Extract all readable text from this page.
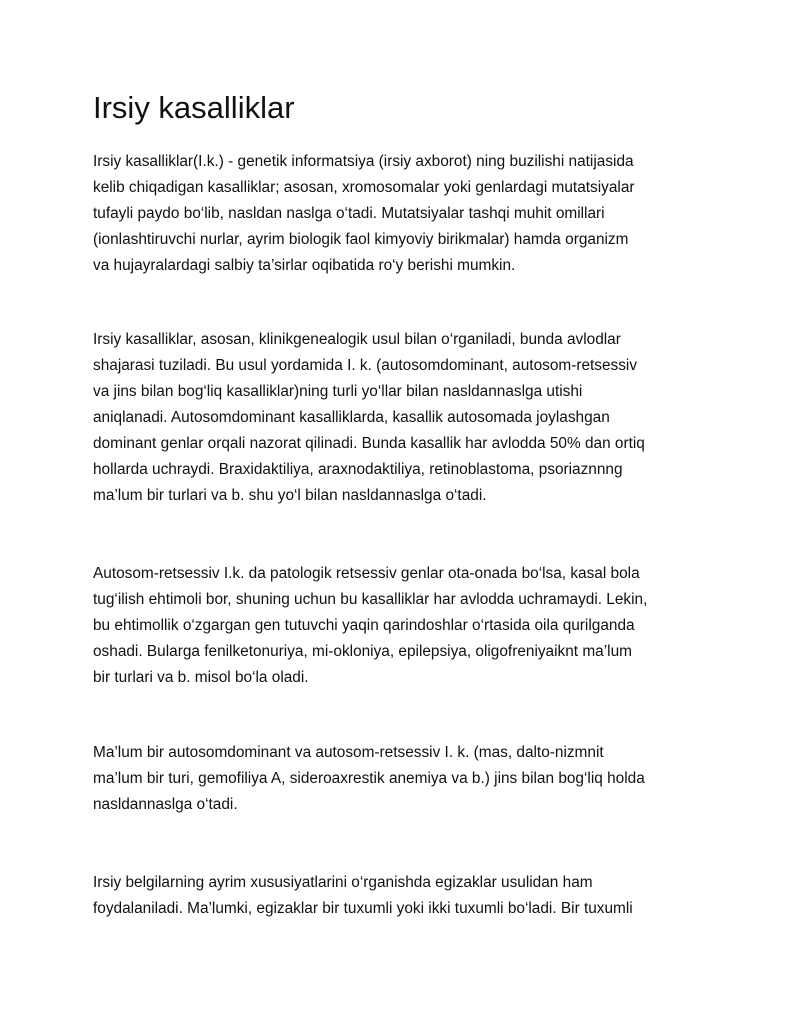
Irsiy kasalliklar

Irsiy kasalliklar(I.k.) - genetik informatsiya (irsiy axborot) ning buzilishi natijasida
kelib chiqadigan kasalliklar; asosan, xromosomalar yoki genlardagi mutatsiyalar
tufayli paydo bo‘lib, nasldan naslga o‘tadi. Mutatsiyalar tashqi muhit omillari
(ionlashtiruvchi nurlar, ayrim biologik faol kimyoviy birikmalar) hamda organizm
va hujayralardagi salbiy ta’sirlar oqibatida ro‘y berishi mumkin.

Irsiy kasalliklar, asosan, klinikgenealogik usul bilan o‘rganiladi, bunda avlodlar
shajarasi tuziladi. Bu usul yordamida I. k. (autosomdominant, autosom-retsessiv
va jins bilan bog‘liq kasalliklar)ning turli yo‘llar bilan nasldannaslga utishi
aniqlanadi. Autosomdominant kasalliklarda, kasallik autosomada joylashgan
dominant genlar orqali nazorat qilinadi. Bunda kasallik har avlodda 50% dan ortiq
hollarda uchraydi. Braxidaktiliya, araxnodaktiliya, retinoblastoma, psoriaznnng
ma’lum bir turlari va b. shu yo‘l bilan nasldannaslga o‘tadi.

Autosom-retsessiv I.k. da patologik retsessiv genlar ota-onada bo‘lsa, kasal bola
tug‘ilish ehtimoli bor, shuning uchun bu kasalliklar har avlodda uchramaydi. Lekin,
bu ehtimollik o‘zgargan gen tutuvchi yaqin qarindoshlar o‘rtasida oila qurilganda
oshadi. Bularga fenilketonuriya, mi-okloniya, epilepsiya, oligofreniyaiknt ma’lum
bir turlari va b. misol bo‘la oladi.

Ma’lum bir autosomdominant va autosom-retsessiv I. k. (mas, dalto-nizmnit
ma’lum bir turi, gemofiliya A, sideroaxrestik anemiya va b.) jins bilan bog‘liq holda
nasldannaslga o‘tadi.

Irsiy belgilarning ayrim xususiyatlarini o‘rganishda egizaklar usulidan ham
foydalaniladi. Ma’lumki, egizaklar bir tuxumli yoki ikki tuxumli bo‘ladi. Bir tuxumli
